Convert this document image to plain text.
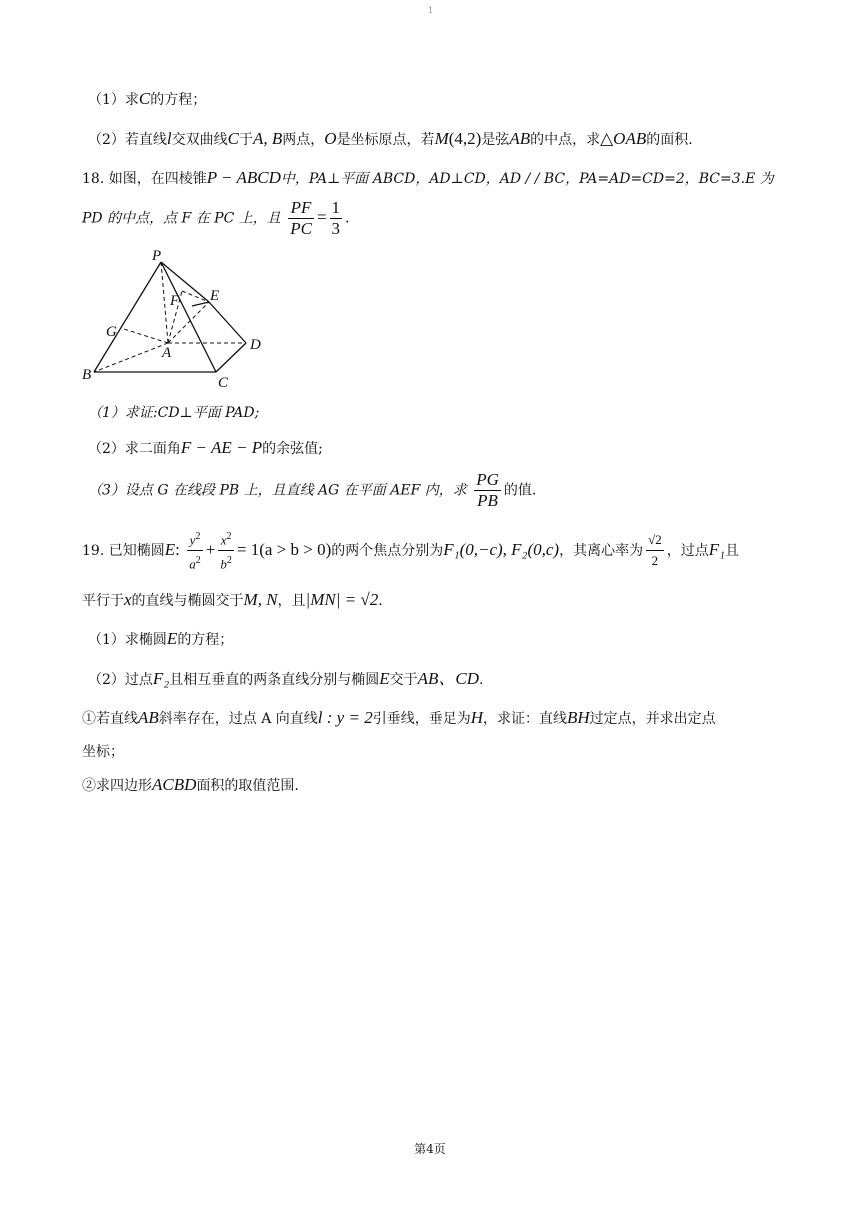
1
（1）求C的方程；
（2）若直线l交双曲线C于A, B两点，O是坐标原点，若M(4,2)是弦AB的中点，求△OAB的面积.
18. 如图，在四棱锥P − ABCD中，PA⊥平面 ABCD，AD⊥CD，AD / / BC，PA=AD=CD=2，BC=3.E 为
PD 的中点，点 F 在 PC 上，且 $\frac{PF}{PC} = \frac{1}{3}$ .
P
E
F
G
A	D
B	C
（1）求证:CD⊥平面 PAD;
（2）求二面角F − AE − P的余弦值;
（3）设点 G 在线段 PB 上，且直线 AG 在平面 AEF 内，求 $\frac{PG}{PB}$ 的值.
19. 已知椭圆E: $\frac{y^2}{a^2} + \frac{x^2}{b^2} = 1(a > b > 0)$的两个焦点分别为F₁(0,−c), F₂(0,c)，其离心率为 $\frac{√2}{2}$ ，过点F₁且
平行于x的直线与椭圆交于M, N，且|MN| = √2.
（1）求椭圆E的方程；
（2）过点F₂且相互垂直的两条直线分别与椭圆E交于AB、CD.
①若直线AB斜率存在，过点 A 向直线l : y = 2引垂线，垂足为H，求证：直线BH过定点，并求出定点
坐标；
②求四边形ACBD面积的取值范围.
第4页
